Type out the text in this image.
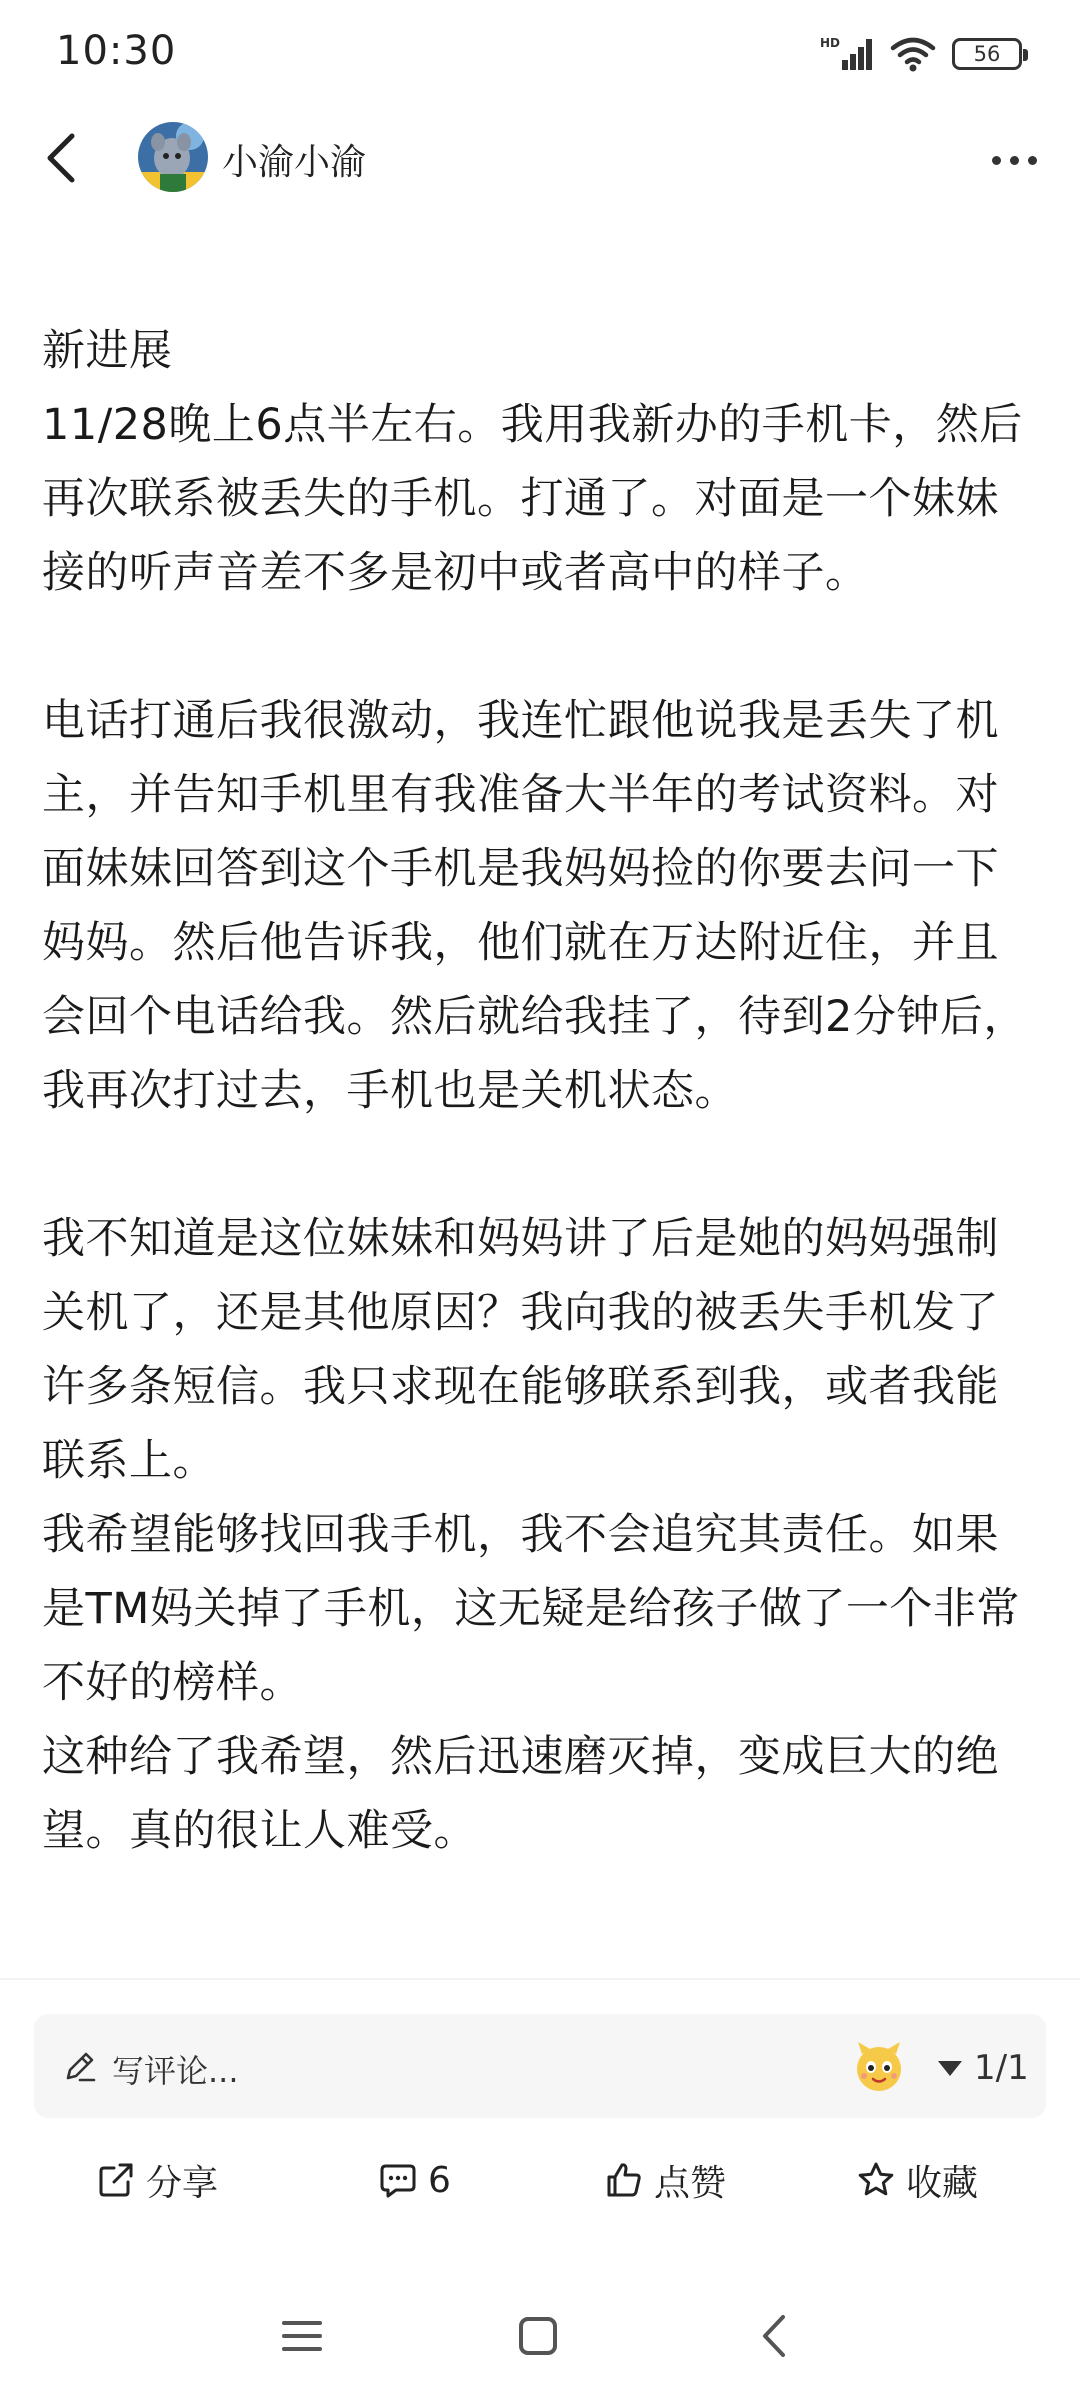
10:30	HD	56
小渝小渝

新进展

11/28晚上6点半左右。我用我新办的手机卡，然后再次联系被丢失的手机。打通了。对面是一个妹妹接的听声音差不多是初中或者高中的样子。

电话打通后我很激动，我连忙跟他说我是丢失了机主，并告知手机里有我准备大半年的考试资料。对面妹妹回答到这个手机是我妈妈捡的你要去问一下妈妈。然后他告诉我，他们就在万达附近住，并且会回个电话给我。然后就给我挂了，待到2分钟后，我再次打过去，手机也是关机状态。

我不知道是这位妹妹和妈妈讲了后是她的妈妈强制关机了，还是其他原因？我向我的被丢失手机发了许多条短信。我只求现在能够联系到我，或者我能联系上。

我希望能够找回我手机，我不会追究其责任。如果是TM妈关掉了手机，这无疑是给孩子做了一个非常不好的榜样。

这种给了我希望，然后迅速磨灭掉，变成巨大的绝望。真的很让人难受。

写评论...	1/1
分享	6	点赞	收藏
